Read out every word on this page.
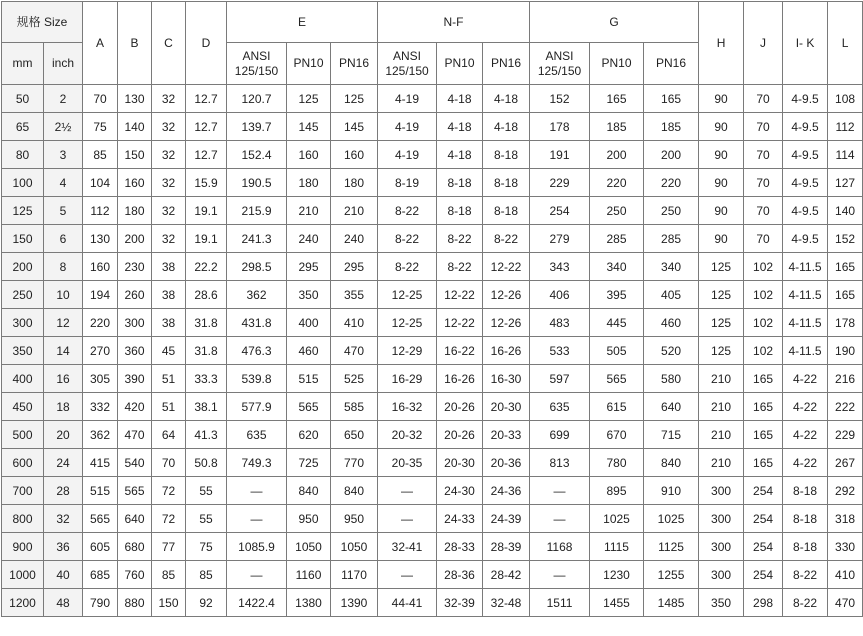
规格 Size		A	B	C	D	E			N-F			G			H	J	I- K	L
mm	inch					ANSI 125/150	PN10	PN16	ANSI 125/150	PN10	PN16	ANSI 125/150	PN10	PN16				
50	2	70	130	32	12.7	120.7	125	125	4-19	4-18	4-18	152	165	165	90	70	4-9.5	108
65	2½	75	140	32	12.7	139.7	145	145	4-19	4-18	4-18	178	185	185	90	70	4-9.5	112
80	3	85	150	32	12.7	152.4	160	160	4-19	4-18	8-18	191	200	200	90	70	4-9.5	114
100	4	104	160	32	15.9	190.5	180	180	8-19	8-18	8-18	229	220	220	90	70	4-9.5	127
125	5	112	180	32	19.1	215.9	210	210	8-22	8-18	8-18	254	250	250	90	70	4-9.5	140
150	6	130	200	32	19.1	241.3	240	240	8-22	8-22	8-22	279	285	285	90	70	4-9.5	152
200	8	160	230	38	22.2	298.5	295	295	8-22	8-22	12-22	343	340	340	125	102	4-11.5	165
250	10	194	260	38	28.6	362	350	355	12-25	12-22	12-26	406	395	405	125	102	4-11.5	165
300	12	220	300	38	31.8	431.8	400	410	12-25	12-22	12-26	483	445	460	125	102	4-11.5	178
350	14	270	360	45	31.8	476.3	460	470	12-29	16-22	16-26	533	505	520	125	102	4-11.5	190
400	16	305	390	51	33.3	539.8	515	525	16-29	16-26	16-30	597	565	580	210	165	4-22	216
450	18	332	420	51	38.1	577.9	565	585	16-32	20-26	20-30	635	615	640	210	165	4-22	222
500	20	362	470	64	41.3	635	620	650	20-32	20-26	20-33	699	670	715	210	165	4-22	229
600	24	415	540	70	50.8	749.3	725	770	20-35	20-30	20-36	813	780	840	210	165	4-22	267
700	28	515	565	72	55	—	840	840	—	24-30	24-36	—	895	910	300	254	8-18	292
800	32	565	640	72	55	—	950	950	—	24-33	24-39	—	1025	1025	300	254	8-18	318
900	36	605	680	77	75	1085.9	1050	1050	32-41	28-33	28-39	1168	1115	1125	300	254	8-18	330
1000	40	685	760	85	85	—	1160	1170	—	28-36	28-42	—	1230	1255	300	254	8-22	410
1200	48	790	880	150	92	1422.4	1380	1390	44-41	32-39	32-48	1511	1455	1485	350	298	8-22	470
